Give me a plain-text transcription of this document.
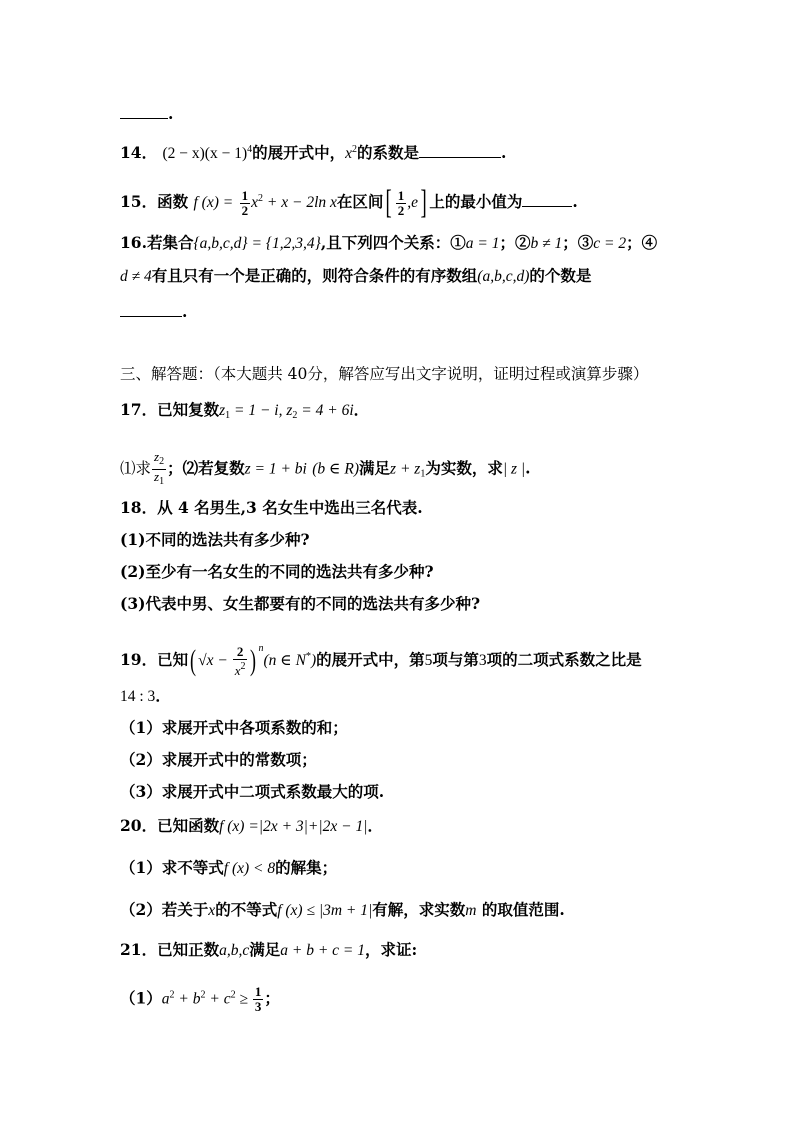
.
14． $(2 - x)(x - 1)^4$的展开式中，$x^2$的系数是	.
15．函数 f $(x) = \frac{1}{2} x^2 + x - 2\ln$ x在区间[ $\frac{1}{2} ,e$] 上的最小值为	.
16.若集合{a,b,c,d} = {1,2,3,4},且下列四个关系：①a = 1；②b ≠ 1；③c = 2；④
d ≠ 4有且只有一个是正确的，则符合条件的有序数组(a,b,c,d)的个数是
.
三、解答题：（本大题共 40分，解答应写出文字说明，证明过程或演算步骤）
17．已知复数$z_1 = 1 - i$, $z_2 = 4 + 6i$．
⑴求 $\frac{z_2}{z_1}$ ；⑵若复数z = 1 + bi (b ∈ R)满足$z + z_1$为实数，求| z |.
18．从 4 名男生,3 名女生中选出三名代表.
(1)不同的选法共有多少种?
(2)至少有一名女生的不同的选法共有多少种?
(3)代表中男、女生都要有的不同的选法共有多少种?
19．已知( $√x - \frac{2}{x^2}$ ) $^n$(n ∈ N*)的展开式中，第5项与第3项的二项式系数之比是
14 : 3．
（1）求展开式中各项系数的和；
（2）求展开式中的常数项；
（3）求展开式中二项式系数最大的项.
20．已知函数f (x) =|2x + 3|+|2x − 1|．
（1）求不等式f (x) < 8的解集；
（2）若关于x的不等式f (x) ≤ |3m + 1|有解，求实数m 的取值范围.
21．已知正数a,b,c满足a + b + c = 1，求证:
$(1)a^2 + b^2 + c^2 \ge \frac{1}{3}$ ；
